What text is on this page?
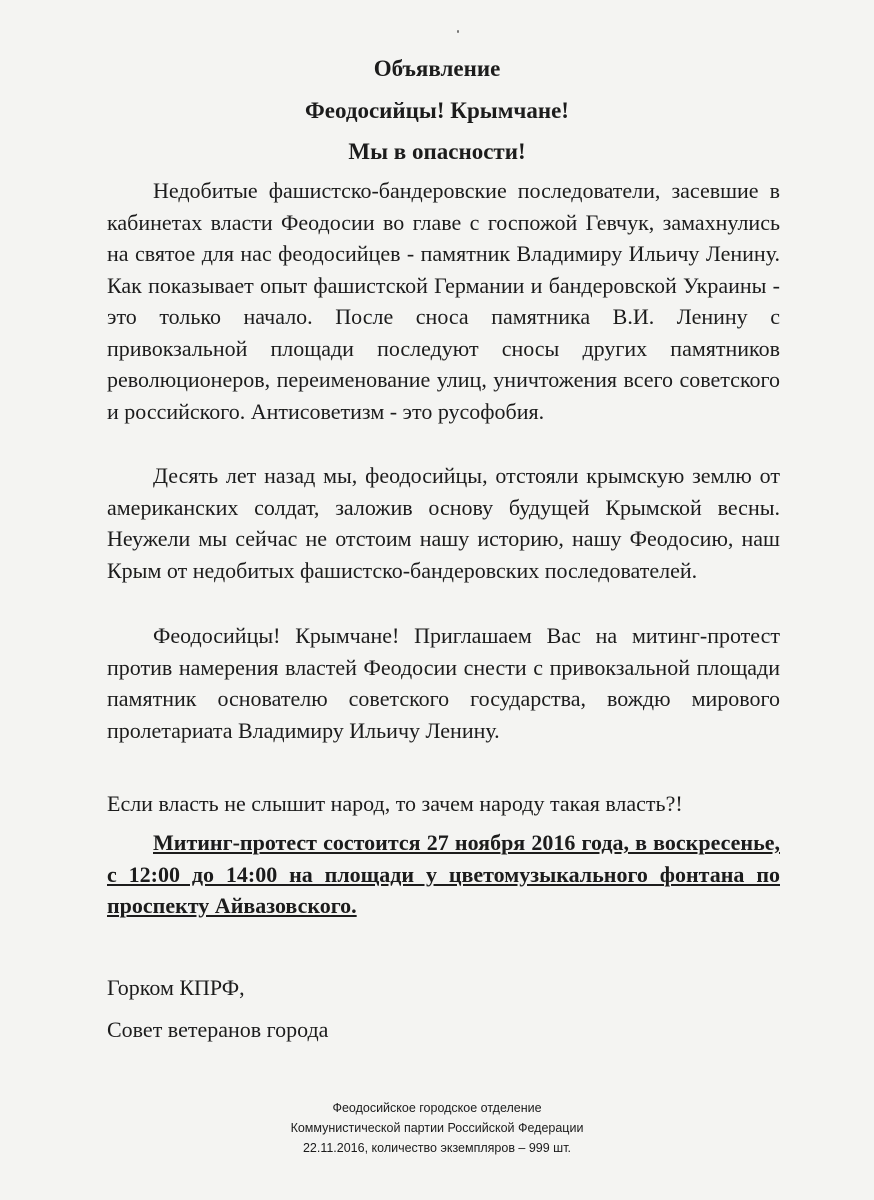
Объявление
Феодосийцы! Крымчане!
Мы в опасности!

Недобитые фашистско-бандеровские последователи, засевшие в кабинетах власти Феодосии во главе с госпожой Гевчук, замахнулись на святое для нас феодосийцев - памятник Владимиру Ильичу Ленину. Как показывает опыт фашистской Германии и бандеровской Украины - это только начало. После сноса памятника В.И. Ленину с привокзальной площади последуют сносы других памятников революционеров, переименование улиц, уничтожения всего советского и российского. Антисоветизм - это русофобия.

Десять лет назад мы, феодосийцы, отстояли крымскую землю от американских солдат, заложив основу будущей Крымской весны. Неужели мы сейчас не отстоим нашу историю, нашу Феодосию, наш Крым от недобитых фашистско-бандеровских последователей.

Феодосийцы! Крымчане! Приглашаем Вас на митинг-протест против намерения властей Феодосии снести с привокзальной площади памятник основателю советского государства, вождю мирового пролетариата Владимиру Ильичу Ленину.

Если власть не слышит народ, то зачем народу такая власть?!

Митинг-протест состоится 27 ноября 2016 года, в воскресенье, с 12:00 до 14:00 на площади у цветомузыкального фонтана по проспекту Айвазовского.

Горком КПРФ,
Совет ветеранов города
Феодосийское городское отделение
Коммунистической партии Российской Федерации
22.11.2016, количество экземпляров – 999 шт.
